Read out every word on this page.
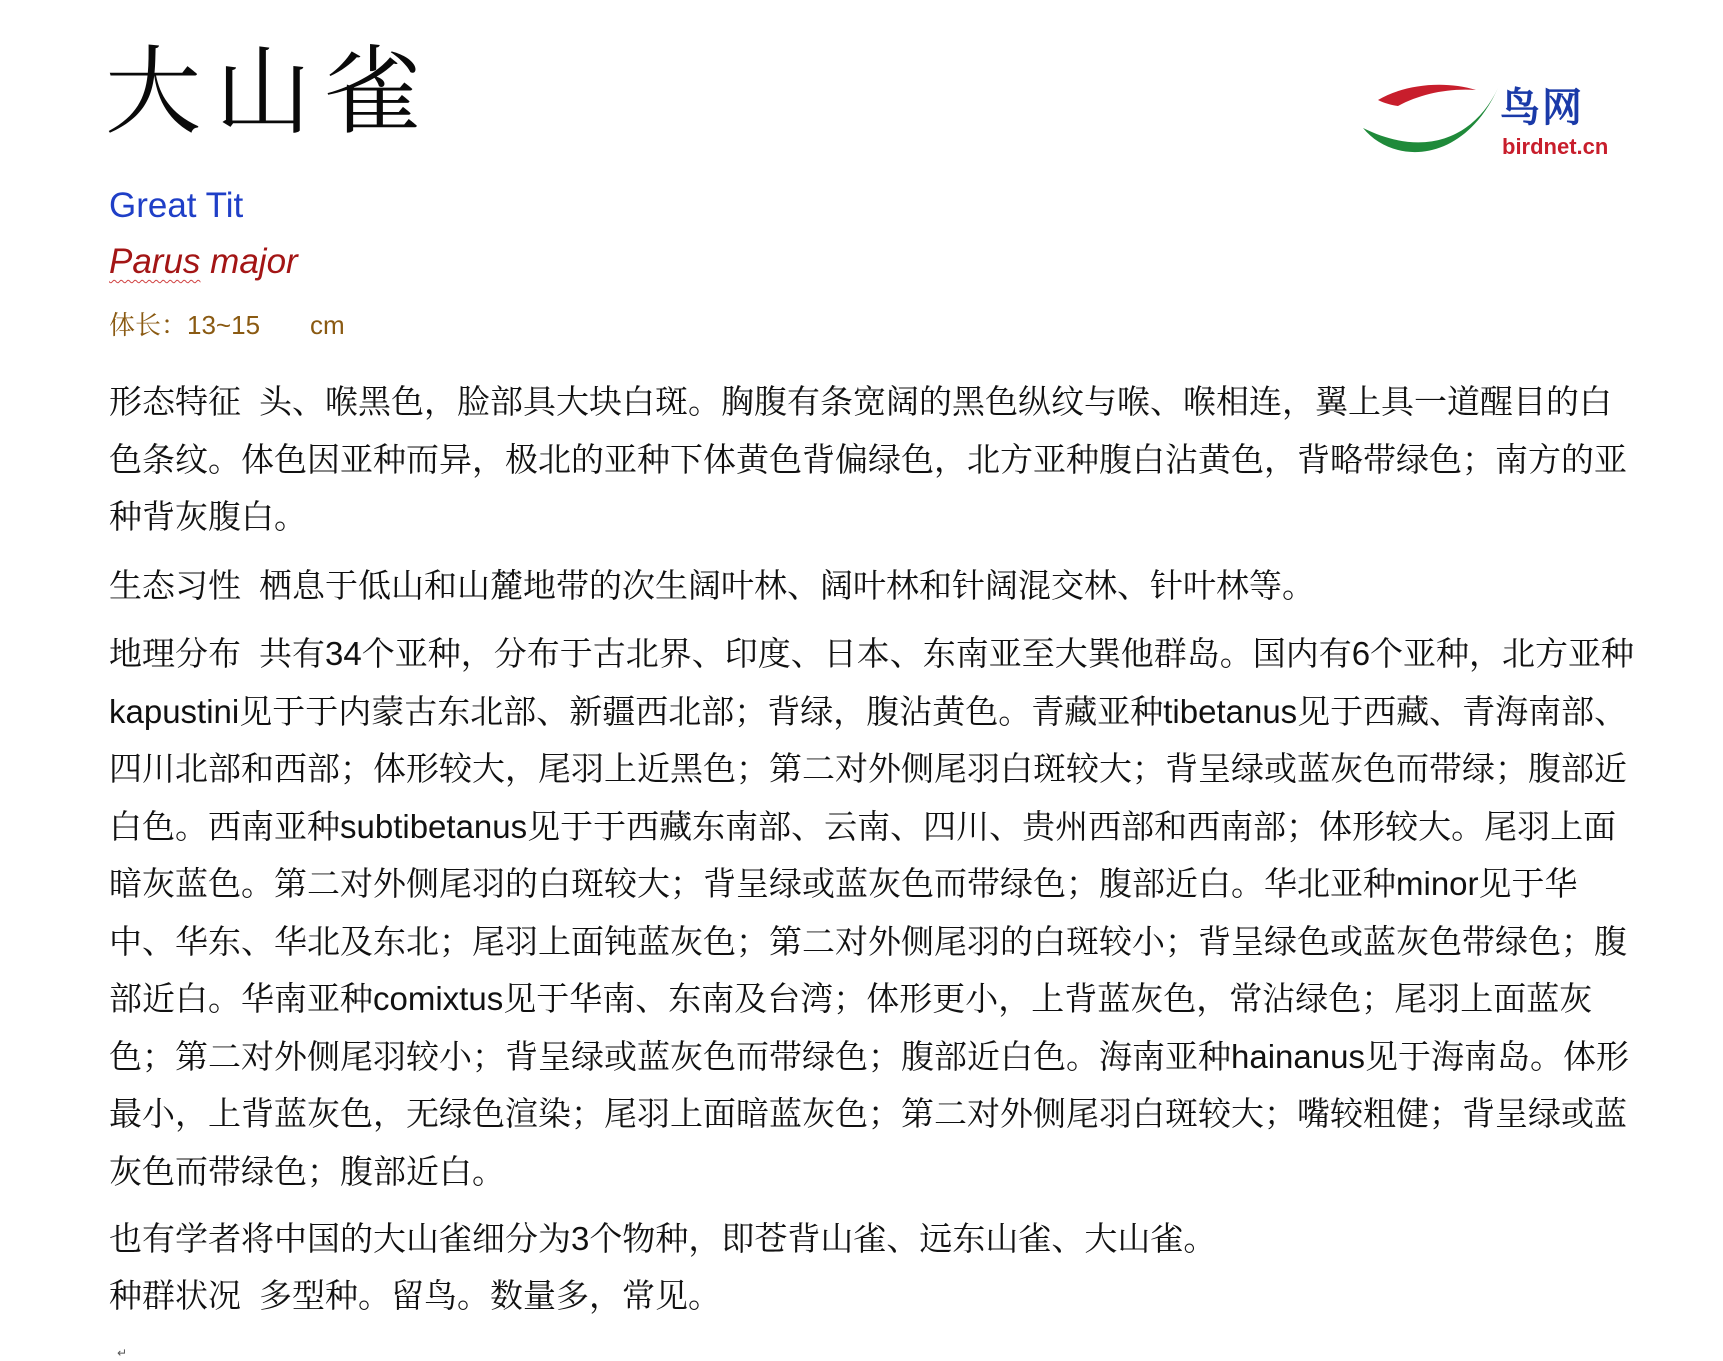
大山雀
Great Tit
Parus major
体长：13~15 cm
鸟网
birdnet.cn

形态特征 头、喉黑色，脸部具大块白斑。胸腹有条宽阔的黑色纵纹与喉、喉相连，翼上具一道醒目的白色条纹。体色因亚种而异，极北的亚种下体黄色背偏绿色，北方亚种腹白沾黄色，背略带绿色；南方的亚种背灰腹白。

生态习性 栖息于低山和山麓地带的次生阔叶林、阔叶林和针阔混交林、针叶林等。

地理分布 共有34个亚种，分布于古北界、印度、日本、东南亚至大巽他群岛。国内有6个亚种，北方亚种kapustini见于于内蒙古东北部、新疆西北部；背绿，腹沾黄色。青藏亚种tibetanus见于西藏、青海南部、四川北部和西部；体形较大，尾羽上近黑色；第二对外侧尾羽白斑较大；背呈绿或蓝灰色而带绿；腹部近白色。西南亚种subtibetanus见于于西藏东南部、云南、四川、贵州西部和西南部；体形较大。尾羽上面暗灰蓝色。第二对外侧尾羽的白斑较大；背呈绿或蓝灰色而带绿色；腹部近白。华北亚种minor见于华中、华东、华北及东北；尾羽上面钝蓝灰色；第二对外侧尾羽的白斑较小；背呈绿色或蓝灰色带绿色；腹部近白。华南亚种comixtus见于华南、东南及台湾；体形更小，上背蓝灰色，常沾绿色；尾羽上面蓝灰色；第二对外侧尾羽较小；背呈绿或蓝灰色而带绿色；腹部近白色。海南亚种hainanus见于海南岛。体形最小，上背蓝灰色，无绿色渲染；尾羽上面暗蓝灰色；第二对外侧尾羽白斑较大；嘴较粗健；背呈绿或蓝灰色而带绿色；腹部近白。

也有学者将中国的大山雀细分为3个物种，即苍背山雀、远东山雀、大山雀。

种群状况 多型种。留鸟。数量多，常见。

↵
